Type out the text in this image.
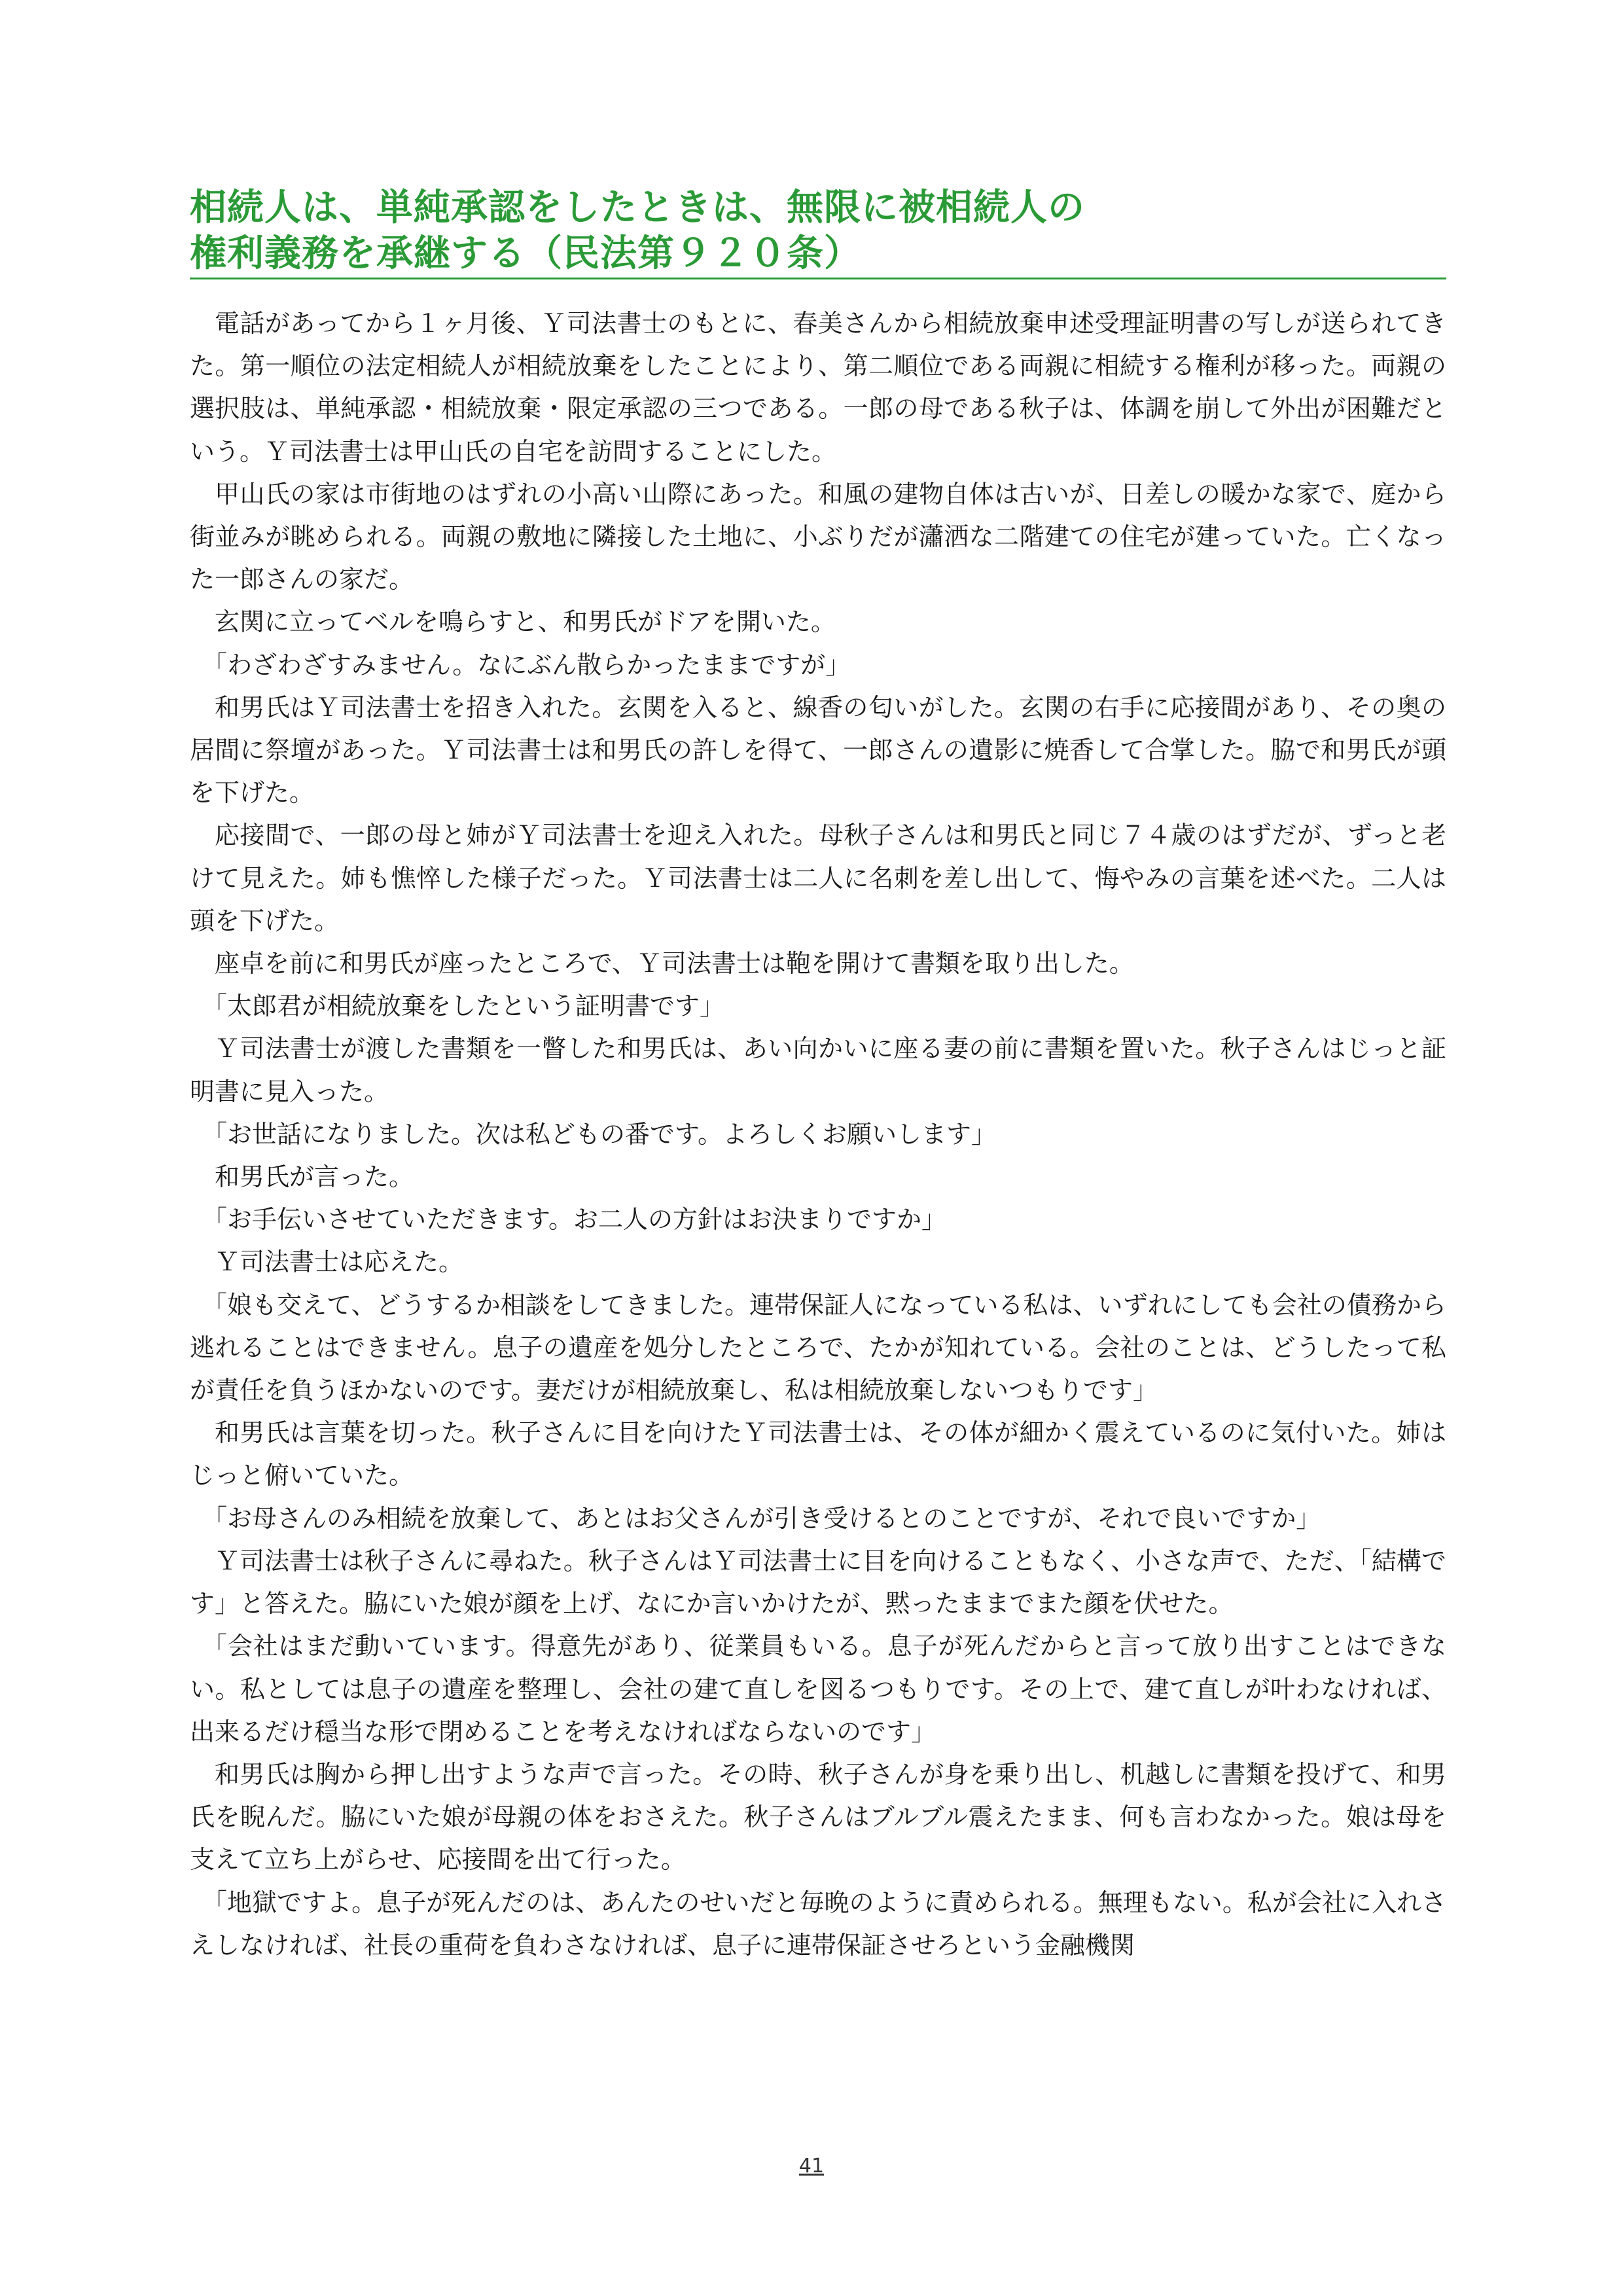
相続人は、単純承認をしたときは、無限に被相続人の
権利義務を承継する（民法第９２０条）

電話があってから１ヶ月後、Ｙ司法書士のもとに、春美さんから相続放棄申述受理証明書の写しが送られてきた。第一順位の法定相続人が相続放棄をしたことにより、第二順位である両親に相続する権利が移った。両親の選択肢は、単純承認・相続放棄・限定承認の三つである。一郎の母である秋子は、体調を崩して外出が困難だという。Ｙ司法書士は甲山氏の自宅を訪問することにした。

甲山氏の家は市街地のはずれの小高い山際にあった。和風の建物自体は古いが、日差しの暖かな家で、庭から街並みが眺められる。両親の敷地に隣接した土地に、小ぶりだが瀟洒な二階建ての住宅が建っていた。亡くなった一郎さんの家だ。

玄関に立ってベルを鳴らすと、和男氏がドアを開いた。

「わざわざすみません。なにぶん散らかったままですが」

和男氏はＹ司法書士を招き入れた。玄関を入ると、線香の匂いがした。玄関の右手に応接間があり、その奥の居間に祭壇があった。Ｙ司法書士は和男氏の許しを得て、一郎さんの遺影に焼香して合掌した。脇で和男氏が頭を下げた。

応接間で、一郎の母と姉がＹ司法書士を迎え入れた。母秋子さんは和男氏と同じ７４歳のはずだが、ずっと老けて見えた。姉も憔悴した様子だった。Ｙ司法書士は二人に名刺を差し出して、悔やみの言葉を述べた。二人は頭を下げた。

座卓を前に和男氏が座ったところで、Ｙ司法書士は鞄を開けて書類を取り出した。

「太郎君が相続放棄をしたという証明書です」

Ｙ司法書士が渡した書類を一瞥した和男氏は、あい向かいに座る妻の前に書類を置いた。秋子さんはじっと証明書に見入った。

「お世話になりました。次は私どもの番です。よろしくお願いします」

和男氏が言った。

「お手伝いさせていただきます。お二人の方針はお決まりですか」

Ｙ司法書士は応えた。

「娘も交えて、どうするか相談をしてきました。連帯保証人になっている私は、いずれにしても会社の債務から逃れることはできません。息子の遺産を処分したところで、たかが知れている。会社のことは、どうしたって私が責任を負うほかないのです。妻だけが相続放棄し、私は相続放棄しないつもりです」

和男氏は言葉を切った。秋子さんに目を向けたＹ司法書士は、その体が細かく震えているのに気付いた。姉はじっと俯いていた。

「お母さんのみ相続を放棄して、あとはお父さんが引き受けるとのことですが、それで良いですか」

Ｙ司法書士は秋子さんに尋ねた。秋子さんはＹ司法書士に目を向けることもなく、小さな声で、ただ、「結構です」と答えた。脇にいた娘が顔を上げ、なにか言いかけたが、黙ったままでまた顔を伏せた。

「会社はまだ動いています。得意先があり、従業員もいる。息子が死んだからと言って放り出すことはできない。私としては息子の遺産を整理し、会社の建て直しを図るつもりです。その上で、建て直しが叶わなければ、出来るだけ穏当な形で閉めることを考えなければならないのです」

和男氏は胸から押し出すような声で言った。その時、秋子さんが身を乗り出し、机越しに書類を投げて、和男氏を睨んだ。脇にいた娘が母親の体をおさえた。秋子さんはブルブル震えたまま、何も言わなかった。娘は母を支えて立ち上がらせ、応接間を出て行った。

「地獄ですよ。息子が死んだのは、あんたのせいだと毎晩のように責められる。無理もない。私が会社に入れさえしなければ、社長の重荷を負わさなければ、息子に連帯保証させろという金融機関

41
